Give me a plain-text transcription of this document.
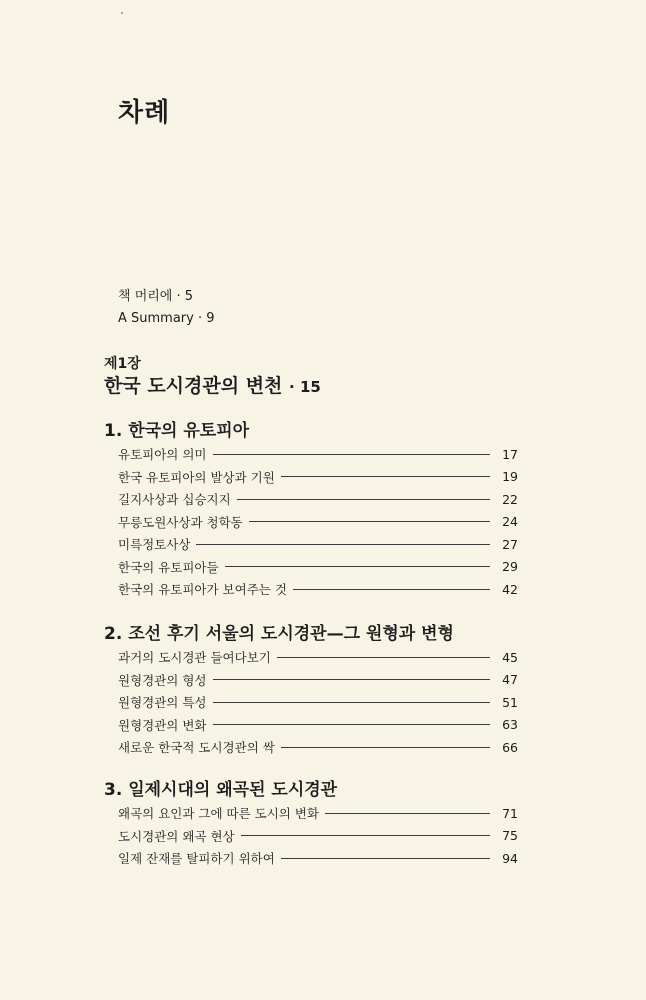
차례
책 머리에 · 5
A Summary · 9
제1장
한국 도시경관의 변천 · 15
1. 한국의 유토피아
유토피아의 의미	17
한국 유토피아의 발상과 기원	19
길지사상과 십승지지	22
무릉도원사상과 청학동	24
미륵정토사상	27
한국의 유토피아들	29
한국의 유토피아가 보여주는 것	42
2. 조선 후기 서울의 도시경관—그 원형과 변형
과거의 도시경관 들여다보기	45
원형경관의 형성	47
원형경관의 특성	51
원형경관의 변화	63
새로운 한국적 도시경관의 싹	66
3. 일제시대의 왜곡된 도시경관
왜곡의 요인과 그에 따른 도시의 변화	71
도시경관의 왜곡 현상	75
일제 잔재를 탈피하기 위하여	94
